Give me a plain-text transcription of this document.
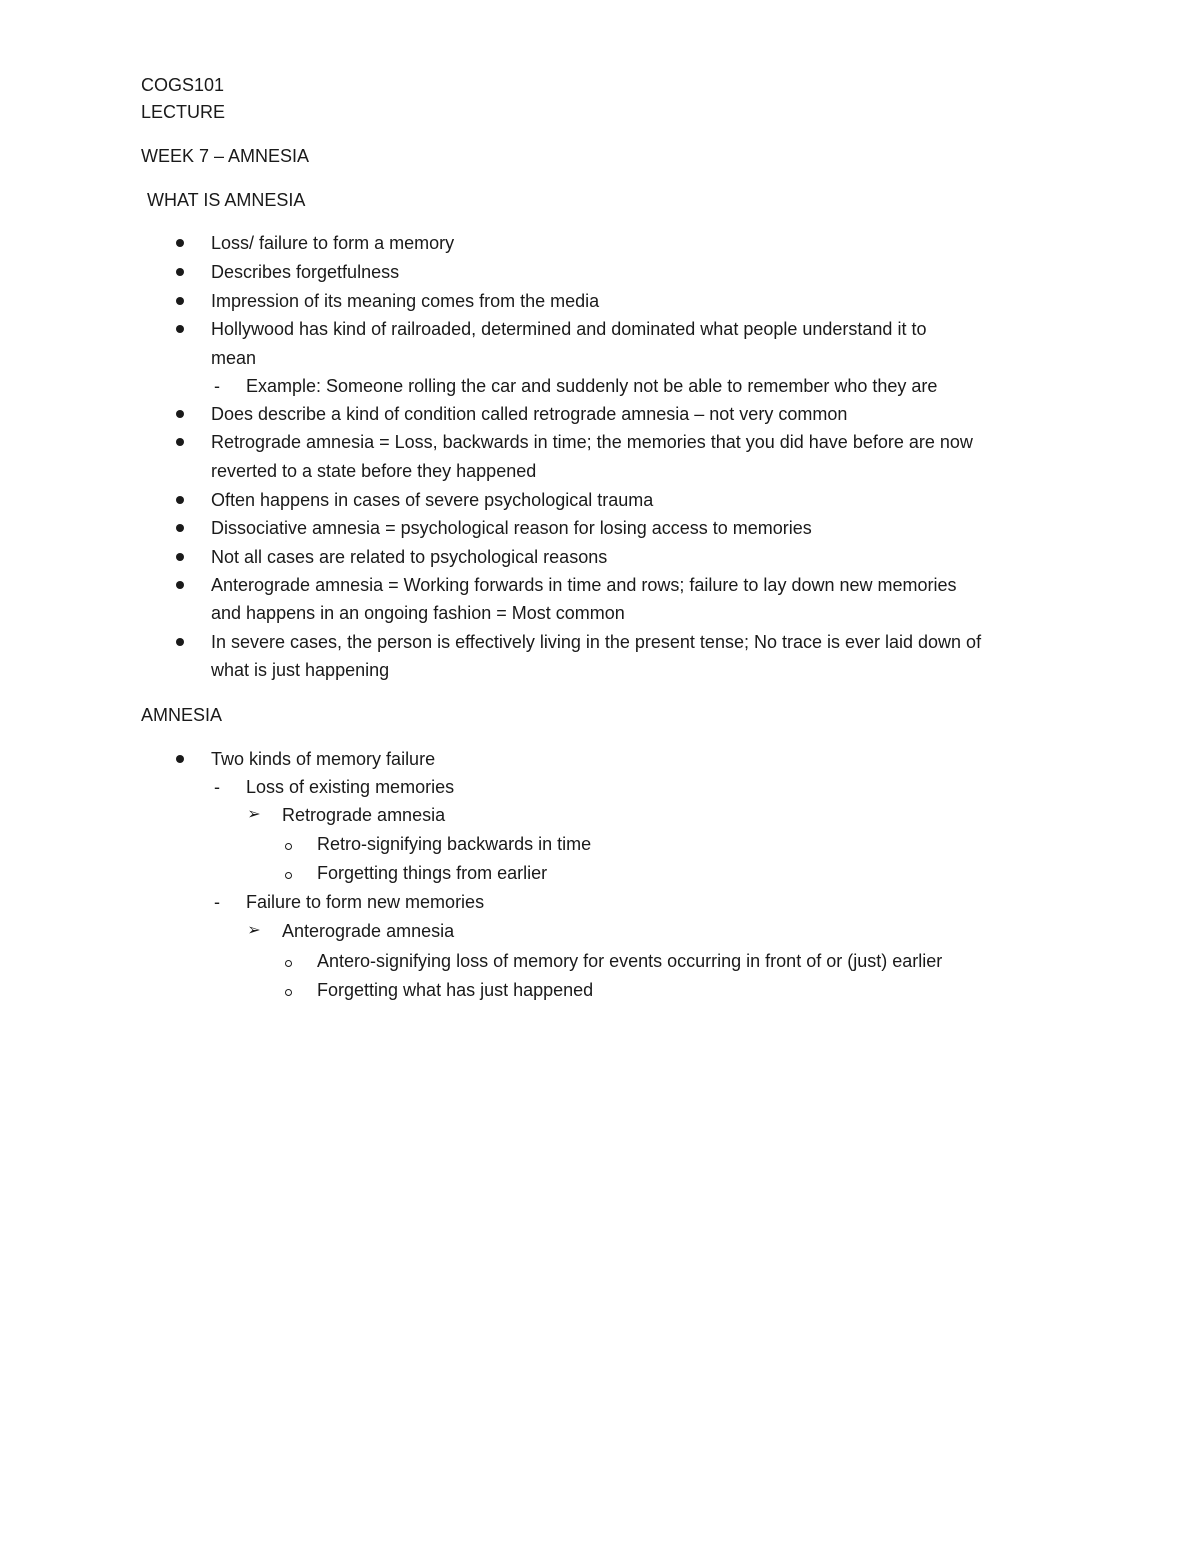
COGS101
LECTURE
WEEK 7 – AMNESIA
WHAT IS AMNESIA
Loss/ failure to form a memory
Describes forgetfulness
Impression of its meaning comes from the media
Hollywood has kind of railroaded, determined and dominated what people understand it to
mean
- Example: Someone rolling the car and suddenly not be able to remember who they are
Does describe a kind of condition called retrograde amnesia – not very common
Retrograde amnesia = Loss, backwards in time; the memories that you did have before are now
reverted to a state before they happened
Often happens in cases of severe psychological trauma
Dissociative amnesia = psychological reason for losing access to memories
Not all cases are related to psychological reasons
Anterograde amnesia = Working forwards in time and rows; failure to lay down new memories
and happens in an ongoing fashion = Most common
In severe cases, the person is effectively living in the present tense; No trace is ever laid down of
what is just happening
AMNESIA
Two kinds of memory failure
- Loss of existing memories
➢ Retrograde amnesia
Retro-signifying backwards in time
Forgetting things from earlier
- Failure to form new memories
➢ Anterograde amnesia
Antero-signifying loss of memory for events occurring in front of or (just) earlier
Forgetting what has just happened
